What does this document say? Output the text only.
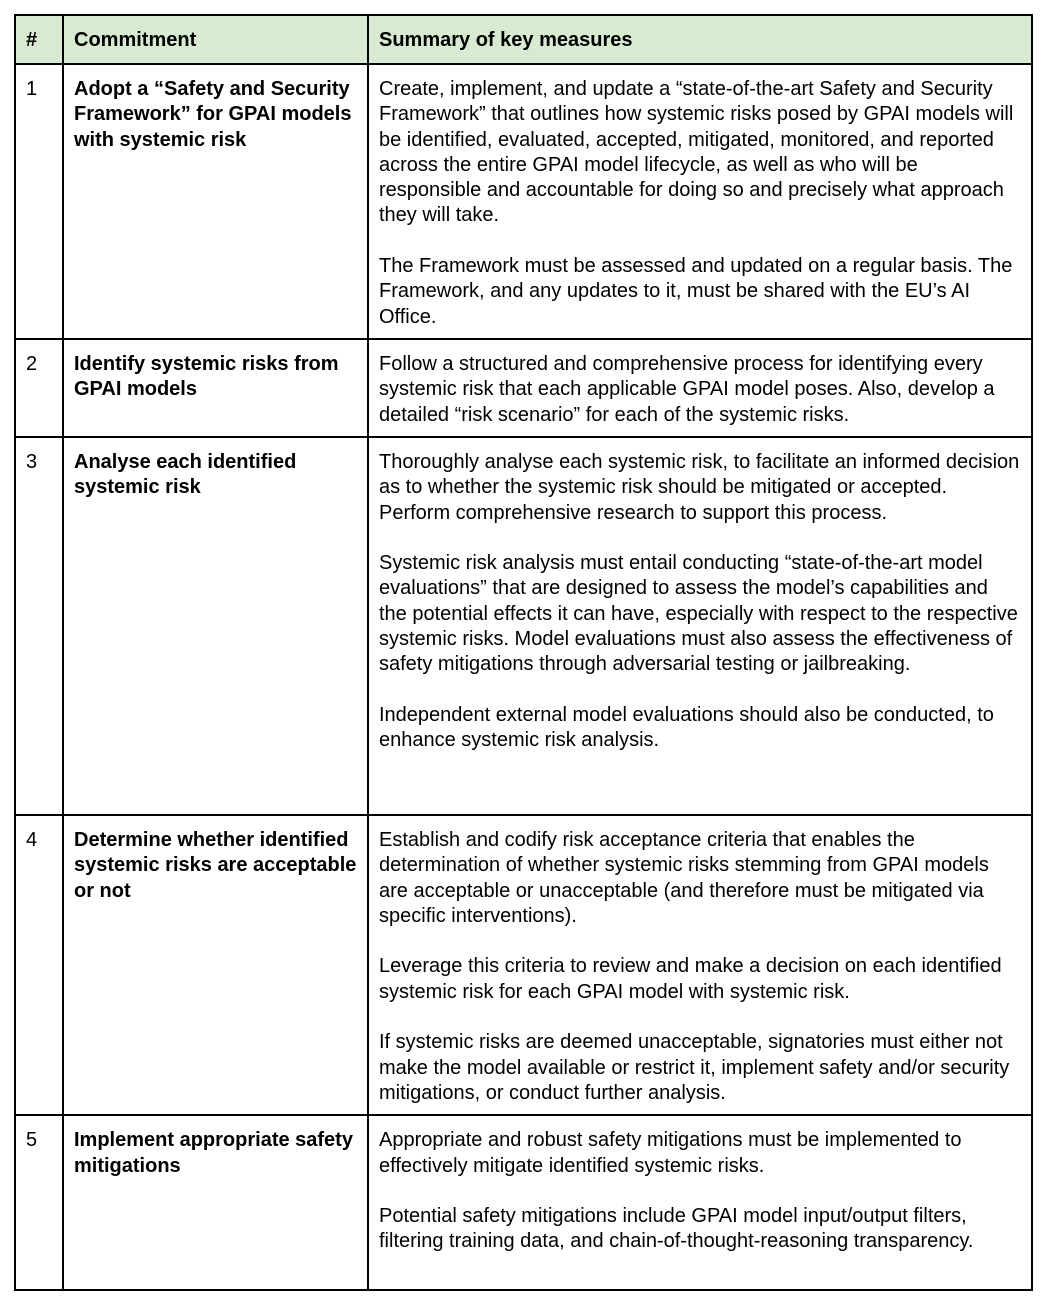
#	Commitment	Summary of key measures
1	Adopt a “Safety and Security Framework” for GPAI models with systemic risk	Create, implement, and update a “state-of-the-art Safety and Security Framework” that outlines how systemic risks posed by GPAI models will be identified, evaluated, accepted, mitigated, monitored, and reported across the entire GPAI model lifecycle, as well as who will be responsible and accountable for doing so and precisely what approach they will take.

The Framework must be assessed and updated on a regular basis. The Framework, and any updates to it, must be shared with the EU’s AI Office.

2	Identify systemic risks from GPAI models	Follow a structured and comprehensive process for identifying every systemic risk that each applicable GPAI model poses. Also, develop a detailed “risk scenario” for each of the systemic risks.

3	Analyse each identified systemic risk	Thoroughly analyse each systemic risk, to facilitate an informed decision as to whether the systemic risk should be mitigated or accepted. Perform comprehensive research to support this process.

Systemic risk analysis must entail conducting “state-of-the-art model evaluations” that are designed to assess the model’s capabilities and the potential effects it can have, especially with respect to the respective systemic risks. Model evaluations must also assess the effectiveness of safety mitigations through adversarial testing or jailbreaking.

Independent external model evaluations should also be conducted, to enhance systemic risk analysis.

4	Determine whether identified systemic risks are acceptable or not	Establish and codify risk acceptance criteria that enables the determination of whether systemic risks stemming from GPAI models are acceptable or unacceptable (and therefore must be mitigated via specific interventions).

Leverage this criteria to review and make a decision on each identified systemic risk for each GPAI model with systemic risk.

If systemic risks are deemed unacceptable, signatories must either not make the model available or restrict it, implement safety and/or security mitigations, or conduct further analysis.

5	Implement appropriate safety mitigations	Appropriate and robust safety mitigations must be implemented to effectively mitigate identified systemic risks.

Potential safety mitigations include GPAI model input/output filters, filtering training data, and chain-of-thought-reasoning transparency.
